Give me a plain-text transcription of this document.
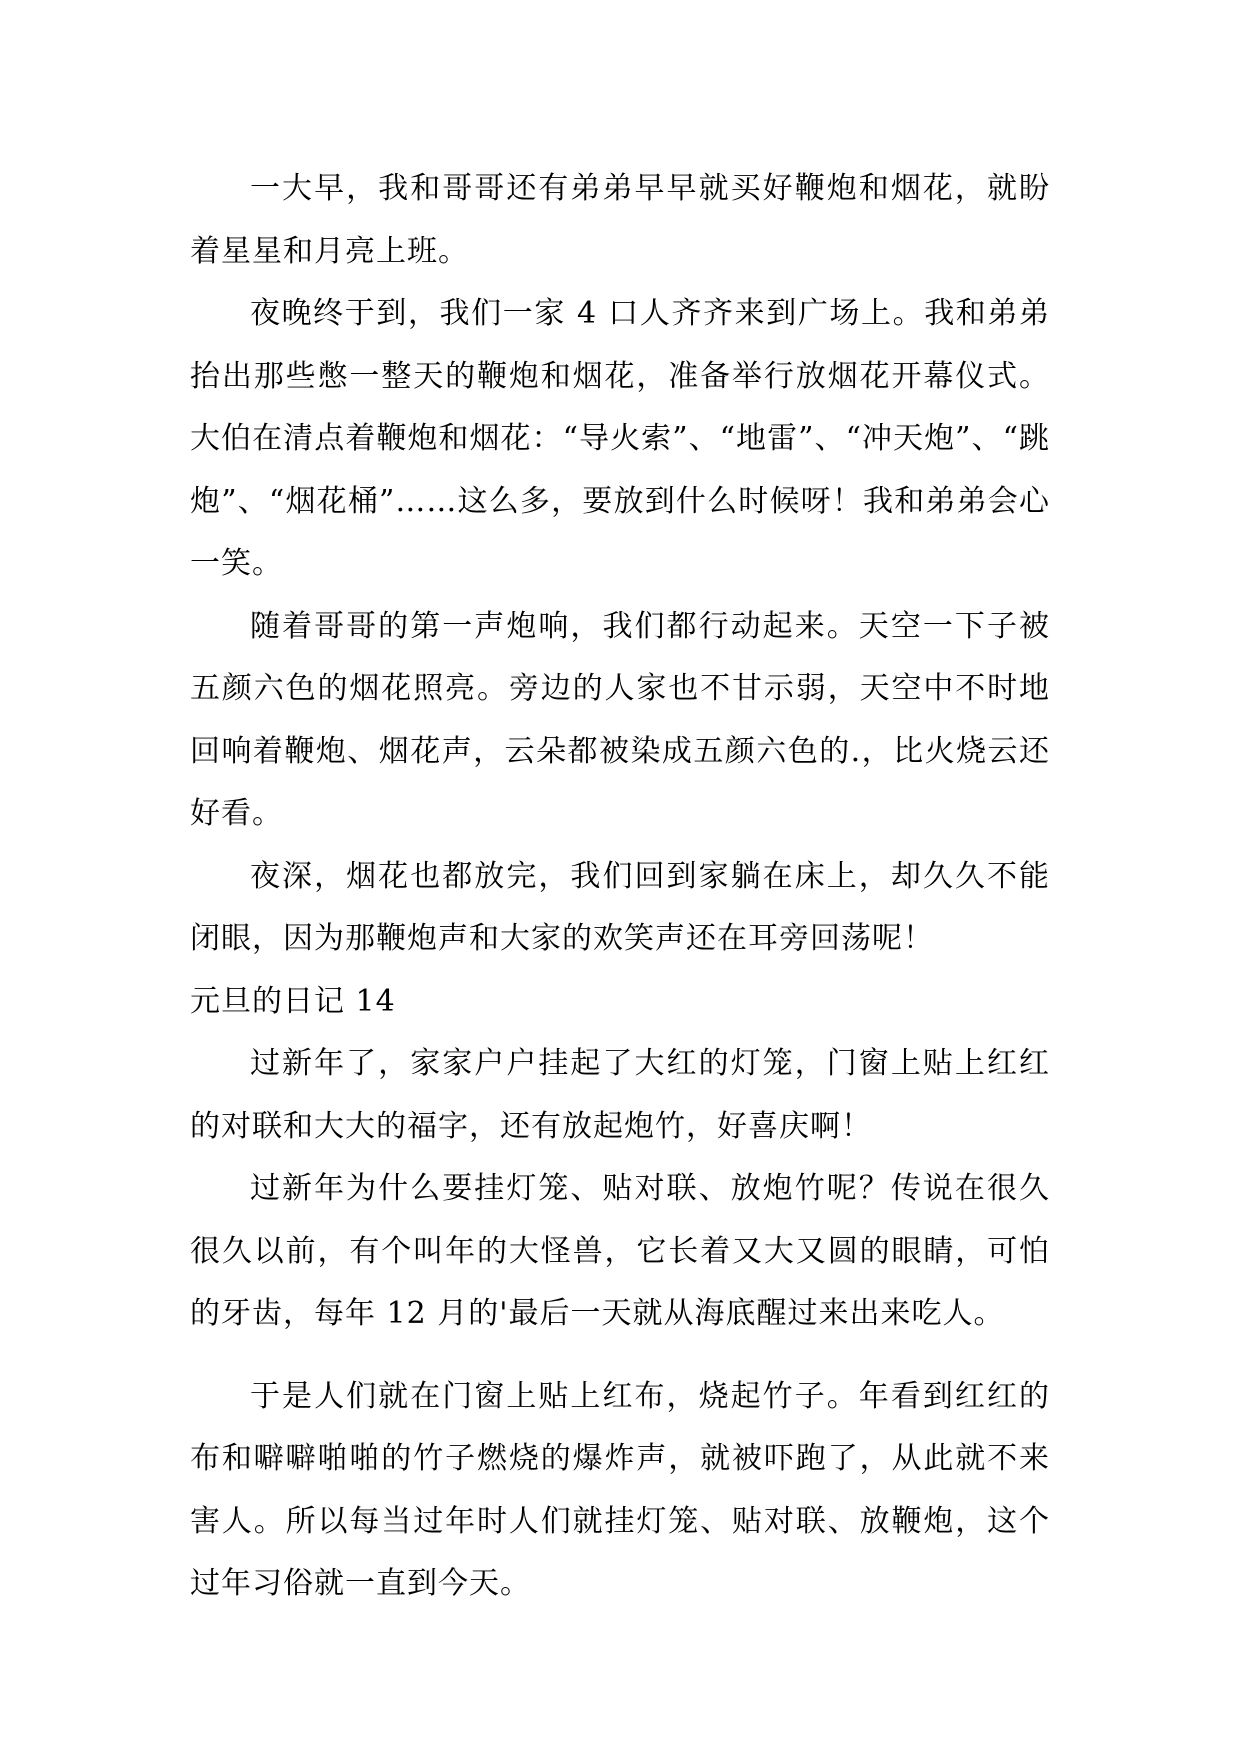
一大早，我和哥哥还有弟弟早早就买好鞭炮和烟花，就盼着星星和月亮上班。

夜晚终于到，我们一家 4 口人齐齐来到广场上。我和弟弟抬出那些憋一整天的鞭炮和烟花，准备举行放烟花开幕仪式。大伯在清点着鞭炮和烟花：“导火索”、“地雷”、“冲天炮”、“跳炮”、“烟花桶”……这么多，要放到什么时候呀！我和弟弟会心一笑。

随着哥哥的第一声炮响，我们都行动起来。天空一下子被五颜六色的烟花照亮。旁边的人家也不甘示弱，天空中不时地回响着鞭炮、烟花声，云朵都被染成五颜六色的.，比火烧云还好看。

夜深，烟花也都放完，我们回到家躺在床上，却久久不能闭眼，因为那鞭炮声和大家的欢笑声还在耳旁回荡呢！

元旦的日记 14

过新年了，家家户户挂起了大红的灯笼，门窗上贴上红红的对联和大大的福字，还有放起炮竹，好喜庆啊！

过新年为什么要挂灯笼、贴对联、放炮竹呢？传说在很久很久以前，有个叫年的大怪兽，它长着又大又圆的眼睛，可怕的牙齿，每年 12 月的'最后一天就从海底醒过来出来吃人。

于是人们就在门窗上贴上红布，烧起竹子。年看到红红的布和噼噼啪啪的竹子燃烧的爆炸声，就被吓跑了，从此就不来害人。所以每当过年时人们就挂灯笼、贴对联、放鞭炮，这个过年习俗就一直到今天。
